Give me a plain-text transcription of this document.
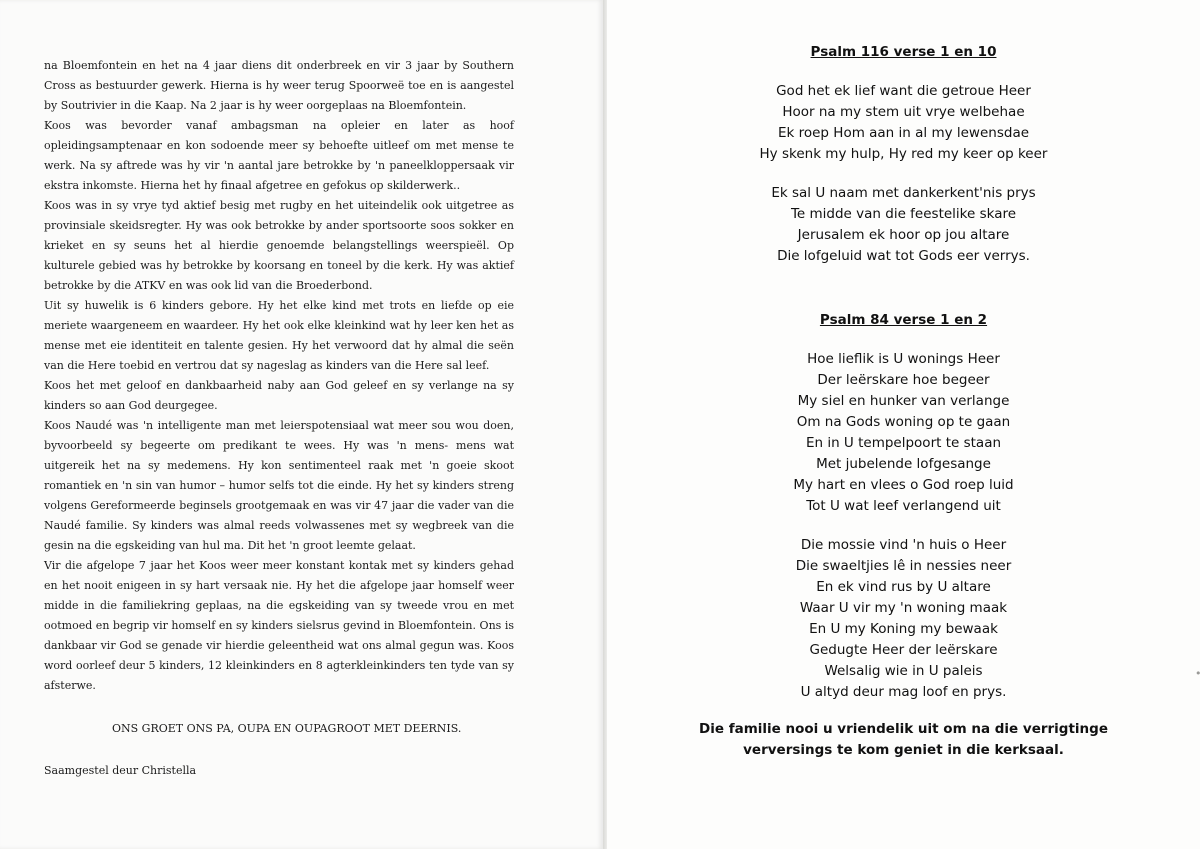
na Bloemfontein en het na 4 jaar diens dit onderbreek en vir 3 jaar by Southern Cross as bestuurder gewerk. Hierna is hy weer terug Spoorweë toe en is aangestel by Soutrivier in die Kaap. Na 2 jaar is hy weer oorgeplaas na Bloemfontein.

Koos was bevorder vanaf ambagsman na opleier en later as hoof opleidingsamptenaar en kon sodoende meer sy behoefte uitleef om met mense te werk. Na sy aftrede was hy vir 'n aantal jare betrokke by 'n paneelkloppersaak vir ekstra inkomste. Hierna het hy finaal afgetree en gefokus op skilderwerk..

Koos was in sy vrye tyd aktief besig met rugby en het uiteindelik ook uitgetree as provinsiale skeidsregter. Hy was ook betrokke by ander sportsoorte soos sokker en krieket en sy seuns het al hierdie genoemde belangstellings weerspieël. Op kulturele gebied was hy betrokke by koorsang en toneel by die kerk. Hy was aktief betrokke by die ATKV en was ook lid van die Broederbond.

Uit sy huwelik is 6 kinders gebore. Hy het elke kind met trots en liefde op eie meriete waargeneem en waardeer. Hy het ook elke kleinkind wat hy leer ken het as mense met eie identiteit en talente gesien. Hy het verwoord dat hy almal die seën van die Here toebid en vertrou dat sy nageslag as kinders van die Here sal leef.

Koos het met geloof en dankbaarheid naby aan God geleef en sy verlange na sy kinders so aan God deurgegee.

Koos Naudé was 'n intelligente man met leierspotensiaal wat meer sou wou doen, byvoorbeeld sy begeerte om predikant te wees. Hy was 'n mens- mens wat uitgereik het na sy medemens. Hy kon sentimenteel raak met 'n goeie skoot romantiek en 'n sin van humor – humor selfs tot die einde. Hy het sy kinders streng volgens Gereformeerde beginsels grootgemaak en was vir 47 jaar die vader van die Naudé familie. Sy kinders was almal reeds volwassenes met sy wegbreek van die gesin na die egskeiding van hul ma. Dit het 'n groot leemte gelaat.

Vir die afgelope 7 jaar het Koos weer meer konstant kontak met sy kinders gehad en het nooit enigeen in sy hart versaak nie. Hy het die afgelope jaar homself weer midde in die familiekring geplaas, na die egskeiding van sy tweede vrou en met ootmoed en begrip vir homself en sy kinders sielsrus gevind in Bloemfontein. Ons is dankbaar vir God se genade vir hierdie geleentheid wat ons almal gegun was. Koos word oorleef deur 5 kinders, 12 kleinkinders en 8 agterkleinkinders ten tyde van sy afsterwe.

ONS GROET ONS PA, OUPA EN OUPAGROOT MET DEERNIS.
Saamgestel deur Christella
Psalm 116 verse 1 en 10
God het ek lief want die getroue Heer
Hoor na my stem uit vrye welbehae
Ek roep Hom aan in al my lewensdae
Hy skenk my hulp, Hy red my keer op keer
Ek sal U naam met dankerkent'nis prys
Te midde van die feestelike skare
Jerusalem ek hoor op jou altare
Die lofgeluid wat tot Gods eer verrys.
Psalm 84 verse 1 en 2
Hoe lieflik is U wonings Heer
Der leërskare hoe begeer
My siel en hunker van verlange
Om na Gods woning op te gaan
En in U tempelpoort te staan
Met jubelende lofgesange
My hart en vlees o God roep luid
Tot U wat leef verlangend uit
Die mossie vind 'n huis o Heer
Die swaeltjies lê in nessies neer
En ek vind rus by U altare
Waar U vir my 'n woning maak
En U my Koning my bewaak
Gedugte Heer der leërskare
Welsalig wie in U paleis
U altyd deur mag loof en prys.
Die familie nooi u vriendelik uit om na die verrigtinge
verversings te kom geniet in die kerksaal.
•
